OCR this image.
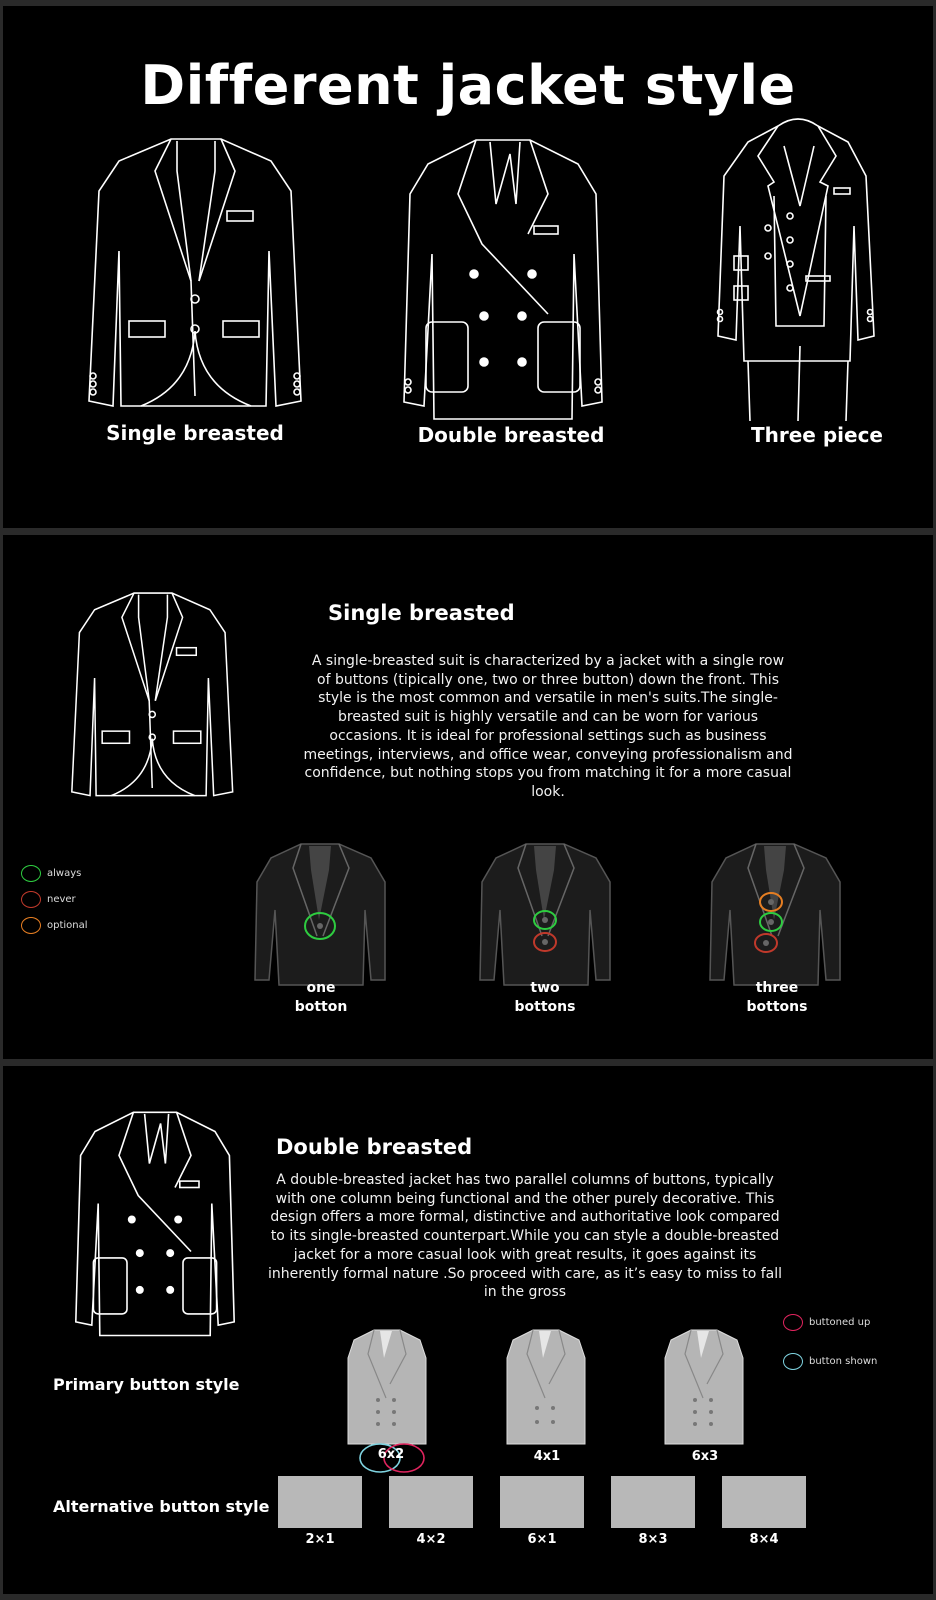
Different jacket style
Single breasted	Double breasted	Three piece
Single breasted
A single-breasted suit is characterized by a jacket with a single row of buttons (tipically one, two or three button) down the front. This style is the most common and versatile in men's suits.The single-breasted suit is highly versatile and can be worn for various occasions. It is ideal for professional settings such as business meetings, interviews, and office wear, conveying professionalism and confidence, but nothing stops you from matching it for a more casual look.
always
never
optional
one
botton
two
bottons
three
bottons
Double breasted
A double-breasted jacket has two parallel columns of buttons, typically with one column being functional and the other purely decorative. This design offers a more formal, distinctive and authoritative look compared to its single-breasted counterpart.While you can style a double-breasted jacket for a more casual look with great results, it goes against its inherently formal nature .So proceed with care, as it’s easy to miss to fall in the gross
buttoned up
button shown
Primary button style
6x2	4x1	6x3
Alternative button style
2×1	4×2	6×1	8×3	8×4
